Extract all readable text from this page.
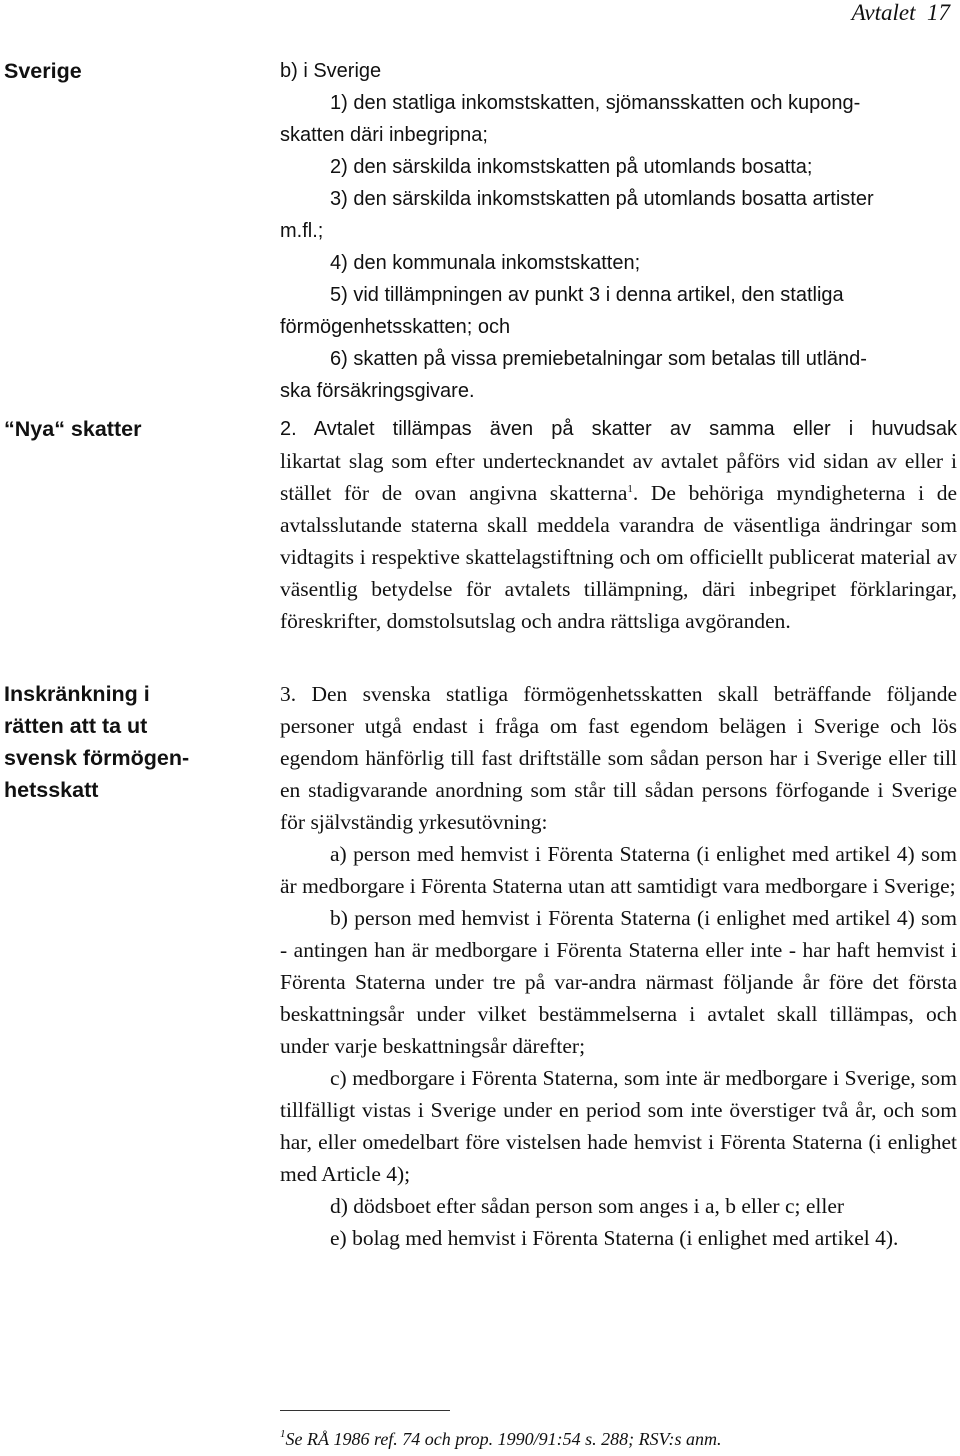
Avtalet 17
Sverige
“Nya“ skatter
Inskränkning i
rätten att ta ut
svensk förmögen-
hetsskatt
b) i Sverige
1) den statliga inkomstskatten, sjömansskatten och kupong-
skatten däri inbegripna;
2) den särskilda inkomstskatten på utomlands bosatta;
3) den särskilda inkomstskatten på utomlands bosatta artister
m.fl.;
4) den kommunala inkomstskatten;
5) vid tillämpningen av punkt 3 i denna artikel, den statliga
förmögenhetsskatten; och
6) skatten på vissa premiebetalningar som betalas till utländ-
ska försäkringsgivare.
2. Avtalet tillämpas även på skatter av samma eller i huvudsak

likartat slag som efter undertecknandet av avtalet påförs vid sidan av eller i stället för de ovan angivna skatterna$^1$. De behöriga myndigheterna i de avtalsslutande staterna skall meddela varandra de väsentliga ändringar som vidtagits i respektive skattelagstiftning och om officiellt publicerat material av väsentlig betydelse för avtalets tillämpning, däri inbegripet förklaringar, föreskrifter, domstolsutslag och andra rättsliga avgöranden.

3. Den svenska statliga förmögenhetsskatten skall beträffande följande personer utgå endast i fråga om fast egendom belägen i Sverige och lös egendom hänförlig till fast driftställe som sådan person har i Sverige eller till en stadigvarande anordning som står till sådan persons förfogande i Sverige för självständig yrkesutövning:

a) person med hemvist i Förenta Staterna (i enlighet med artikel 4) som är medborgare i Förenta Staterna utan att samtidigt vara medborgare i Sverige;

b) person med hemvist i Förenta Staterna (i enlighet med artikel 4) som - antingen han är medborgare i Förenta Staterna eller inte - har haft hemvist i Förenta Staterna under tre på var-andra närmast följande år före det första beskattningsår under vilket bestämmelserna i avtalet skall tillämpas, och under varje beskattningsår därefter;

c) medborgare i Förenta Staterna, som inte är medborgare i Sverige, som tillfälligt vistas i Sverige under en period som inte överstiger två år, och som har, eller omedelbart före vistelsen hade hemvist i Förenta Staterna (i enlighet med Article 4);

d) dödsboet efter sådan person som anges i a, b eller c; eller

e) bolag med hemvist i Förenta Staterna (i enlighet med artikel 4).

$^1$Se RÅ 1986 ref. 74 och prop. 1990/91:54 s. 288; RSV:s anm.
